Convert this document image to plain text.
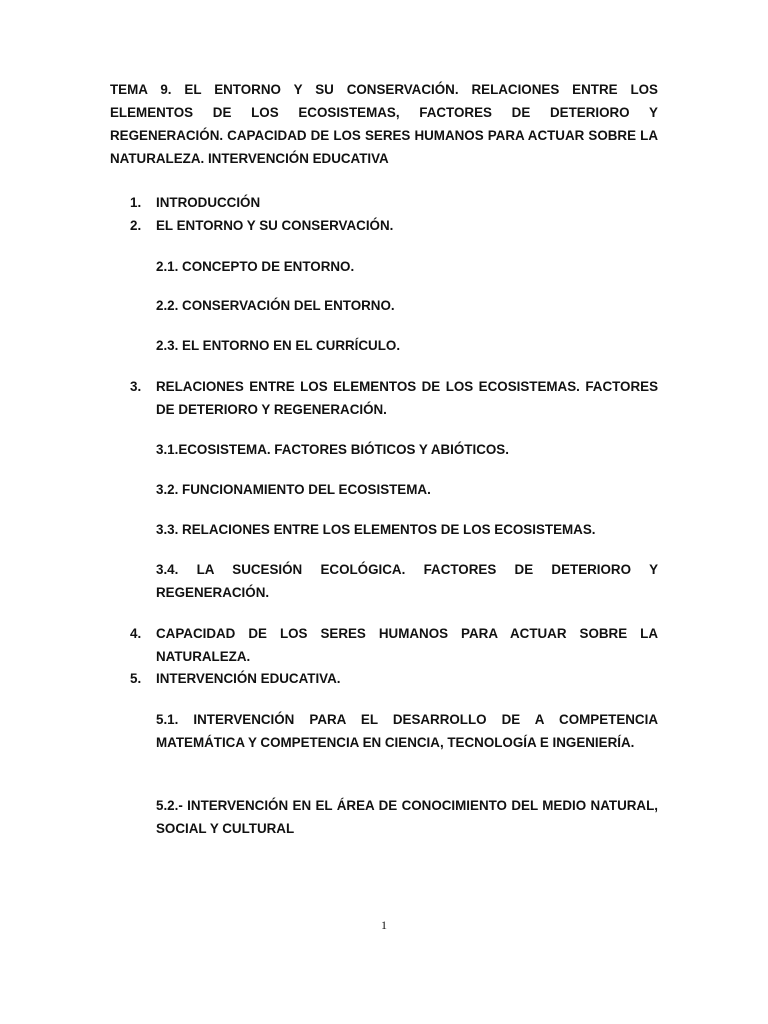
TEMA 9. EL ENTORNO Y SU CONSERVACIÓN. RELACIONES ENTRE LOS ELEMENTOS DE LOS ECOSISTEMAS, FACTORES DE DETERIORO Y REGENERACIÓN. CAPACIDAD DE LOS SERES HUMANOS PARA ACTUAR SOBRE LA NATURALEZA. INTERVENCIÓN EDUCATIVA
1. INTRODUCCIÓN
2. EL ENTORNO Y SU CONSERVACIÓN.
2.1. CONCEPTO DE ENTORNO.
2.2. CONSERVACIÓN DEL ENTORNO.
2.3. EL ENTORNO EN EL CURRÍCULO.
3. RELACIONES ENTRE LOS ELEMENTOS DE LOS ECOSISTEMAS. FACTORES DE DETERIORO Y REGENERACIÓN.
3.1.ECOSISTEMA. FACTORES BIÓTICOS Y ABIÓTICOS.
3.2. FUNCIONAMIENTO DEL ECOSISTEMA.
3.3. RELACIONES ENTRE LOS ELEMENTOS DE LOS ECOSISTEMAS.
3.4. LA SUCESIÓN ECOLÓGICA. FACTORES DE DETERIORO Y REGENERACIÓN.
4. CAPACIDAD DE LOS SERES HUMANOS PARA ACTUAR SOBRE LA NATURALEZA.
5. INTERVENCIÓN EDUCATIVA.
5.1. INTERVENCIÓN PARA EL DESARROLLO DE A COMPETENCIA MATEMÁTICA Y COMPETENCIA EN CIENCIA, TECNOLOGÍA E INGENIERÍA.
5.2.- INTERVENCIÓN EN EL ÁREA DE CONOCIMIENTO DEL MEDIO NATURAL, SOCIAL Y CULTURAL
1
